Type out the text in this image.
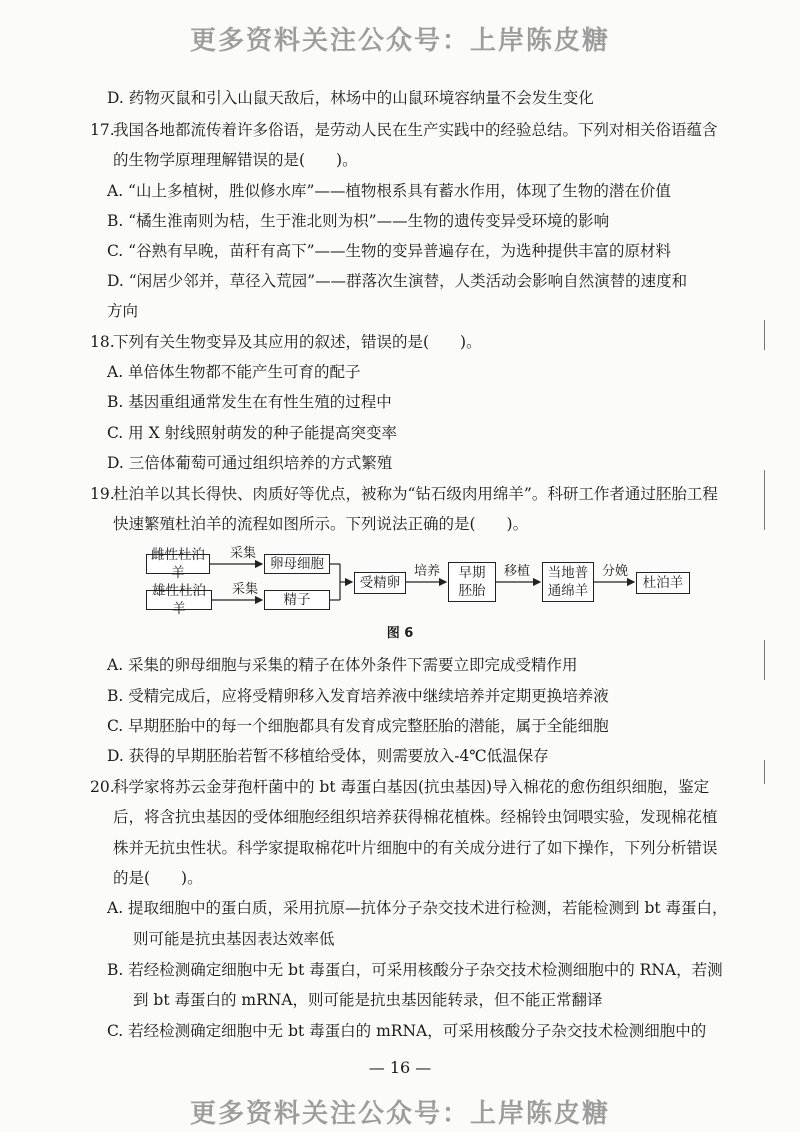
更多资料关注公众号：上岸陈皮糖
D. 药物灭鼠和引入山鼠天敌后，林场中的山鼠环境容纳量不会发生变化
17.
我国各地都流传着许多俗语，是劳动人民在生产实践中的经验总结。下列对相关俗语蕴含
的生物学原理理解错误的是(　　)。
A. “山上多植树，胜似修水库”——植物根系具有蓄水作用，体现了生物的潜在价值
B. “橘生淮南则为桔，生于淮北则为枳”——生物的遗传变异受环境的影响
C. “谷熟有早晚，苗秆有高下”——生物的变异普遍存在，为选种提供丰富的原材料
D. “闲居少邻并，草径入荒园”——群落次生演替，人类活动会影响自然演替的速度和
方向
18.
下列有关生物变异及其应用的叙述，错误的是(　　)。
A. 单倍体生物都不能产生可育的配子
B. 基因重组通常发生在有性生殖的过程中
C. 用 X 射线照射萌发的种子能提高突变率
D. 三倍体葡萄可通过组织培养的方式繁殖
19.
杜泊羊以其长得快、肉质好等优点，被称为“钻石级肉用绵羊”。科研工作者通过胚胎工程
快速繁殖杜泊羊的流程如图所示。下列说法正确的是(　　)。
雌性杜泊羊
雄性杜泊羊
采集
采集
卵母细胞
精子
受精卵
培养 早期
胚胎
移植 当地普
通绵羊
分娩
杜泊羊
图 6
A. 采集的卵母细胞与采集的精子在体外条件下需要立即完成受精作用
B. 受精完成后，应将受精卵移入发育培养液中继续培养并定期更换培养液
C. 早期胚胎中的每一个细胞都具有发育成完整胚胎的潜能，属于全能细胞
D. 获得的早期胚胎若暂不移植给受体，则需要放入-4℃低温保存
20.
科学家将苏云金芽孢杆菌中的 bt 毒蛋白基因(抗虫基因)导入棉花的愈伤组织细胞，鉴定
后，将含抗虫基因的受体细胞经组织培养获得棉花植株。经棉铃虫饲喂实验，发现棉花植
株并无抗虫性状。科学家提取棉花叶片细胞中的有关成分进行了如下操作，下列分析错误
的是(　　)。
A. 提取细胞中的蛋白质，采用抗原—抗体分子杂交技术进行检测，若能检测到 bt 毒蛋白，
则可能是抗虫基因表达效率低
B. 若经检测确定细胞中无 bt 毒蛋白，可采用核酸分子杂交技术检测细胞中的 RNA，若测
到 bt 毒蛋白的 mRNA，则可能是抗虫基因能转录，但不能正常翻译
C. 若经检测确定细胞中无 bt 毒蛋白的 mRNA，可采用核酸分子杂交技术检测细胞中的
— 16 —
更多资料关注公众号：上岸陈皮糖
